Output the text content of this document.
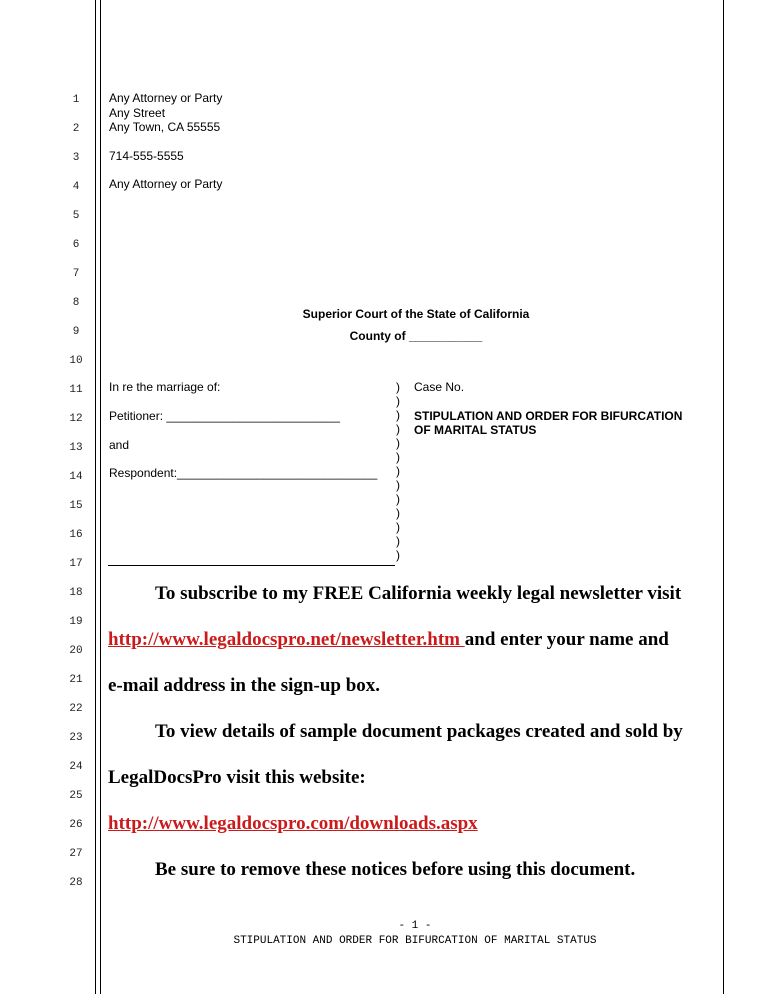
1
2
3
4
5
6
7
8
9
10
11
12
13
14
15
16
17
18
19
20
21
22
23
24
25
26
27
28
Any Attorney or Party
Any Street
Any Town, CA 55555
714-555-5555
Any Attorney or Party
Superior Court of the State of California
County of ___________
In re the marriage of:
Petitioner: __________________________
and
Respondent:______________________________
)
)
)
)
)
)
)
)
)
)
)
)
)
Case No.
STIPULATION AND ORDER FOR BIFURCATION
OF MARITAL STATUS
To subscribe to my FREE California weekly legal newsletter visit
http://www.legaldocspro.net/newsletter.htm and enter your name and
e-mail address in the sign-up box.
To view details of sample document packages created and sold by
LegalDocsPro visit this website:
http://www.legaldocspro.com/downloads.aspx
Be sure to remove these notices before using this document.
- 1 -
STIPULATION AND ORDER FOR BIFURCATION OF MARITAL STATUS
